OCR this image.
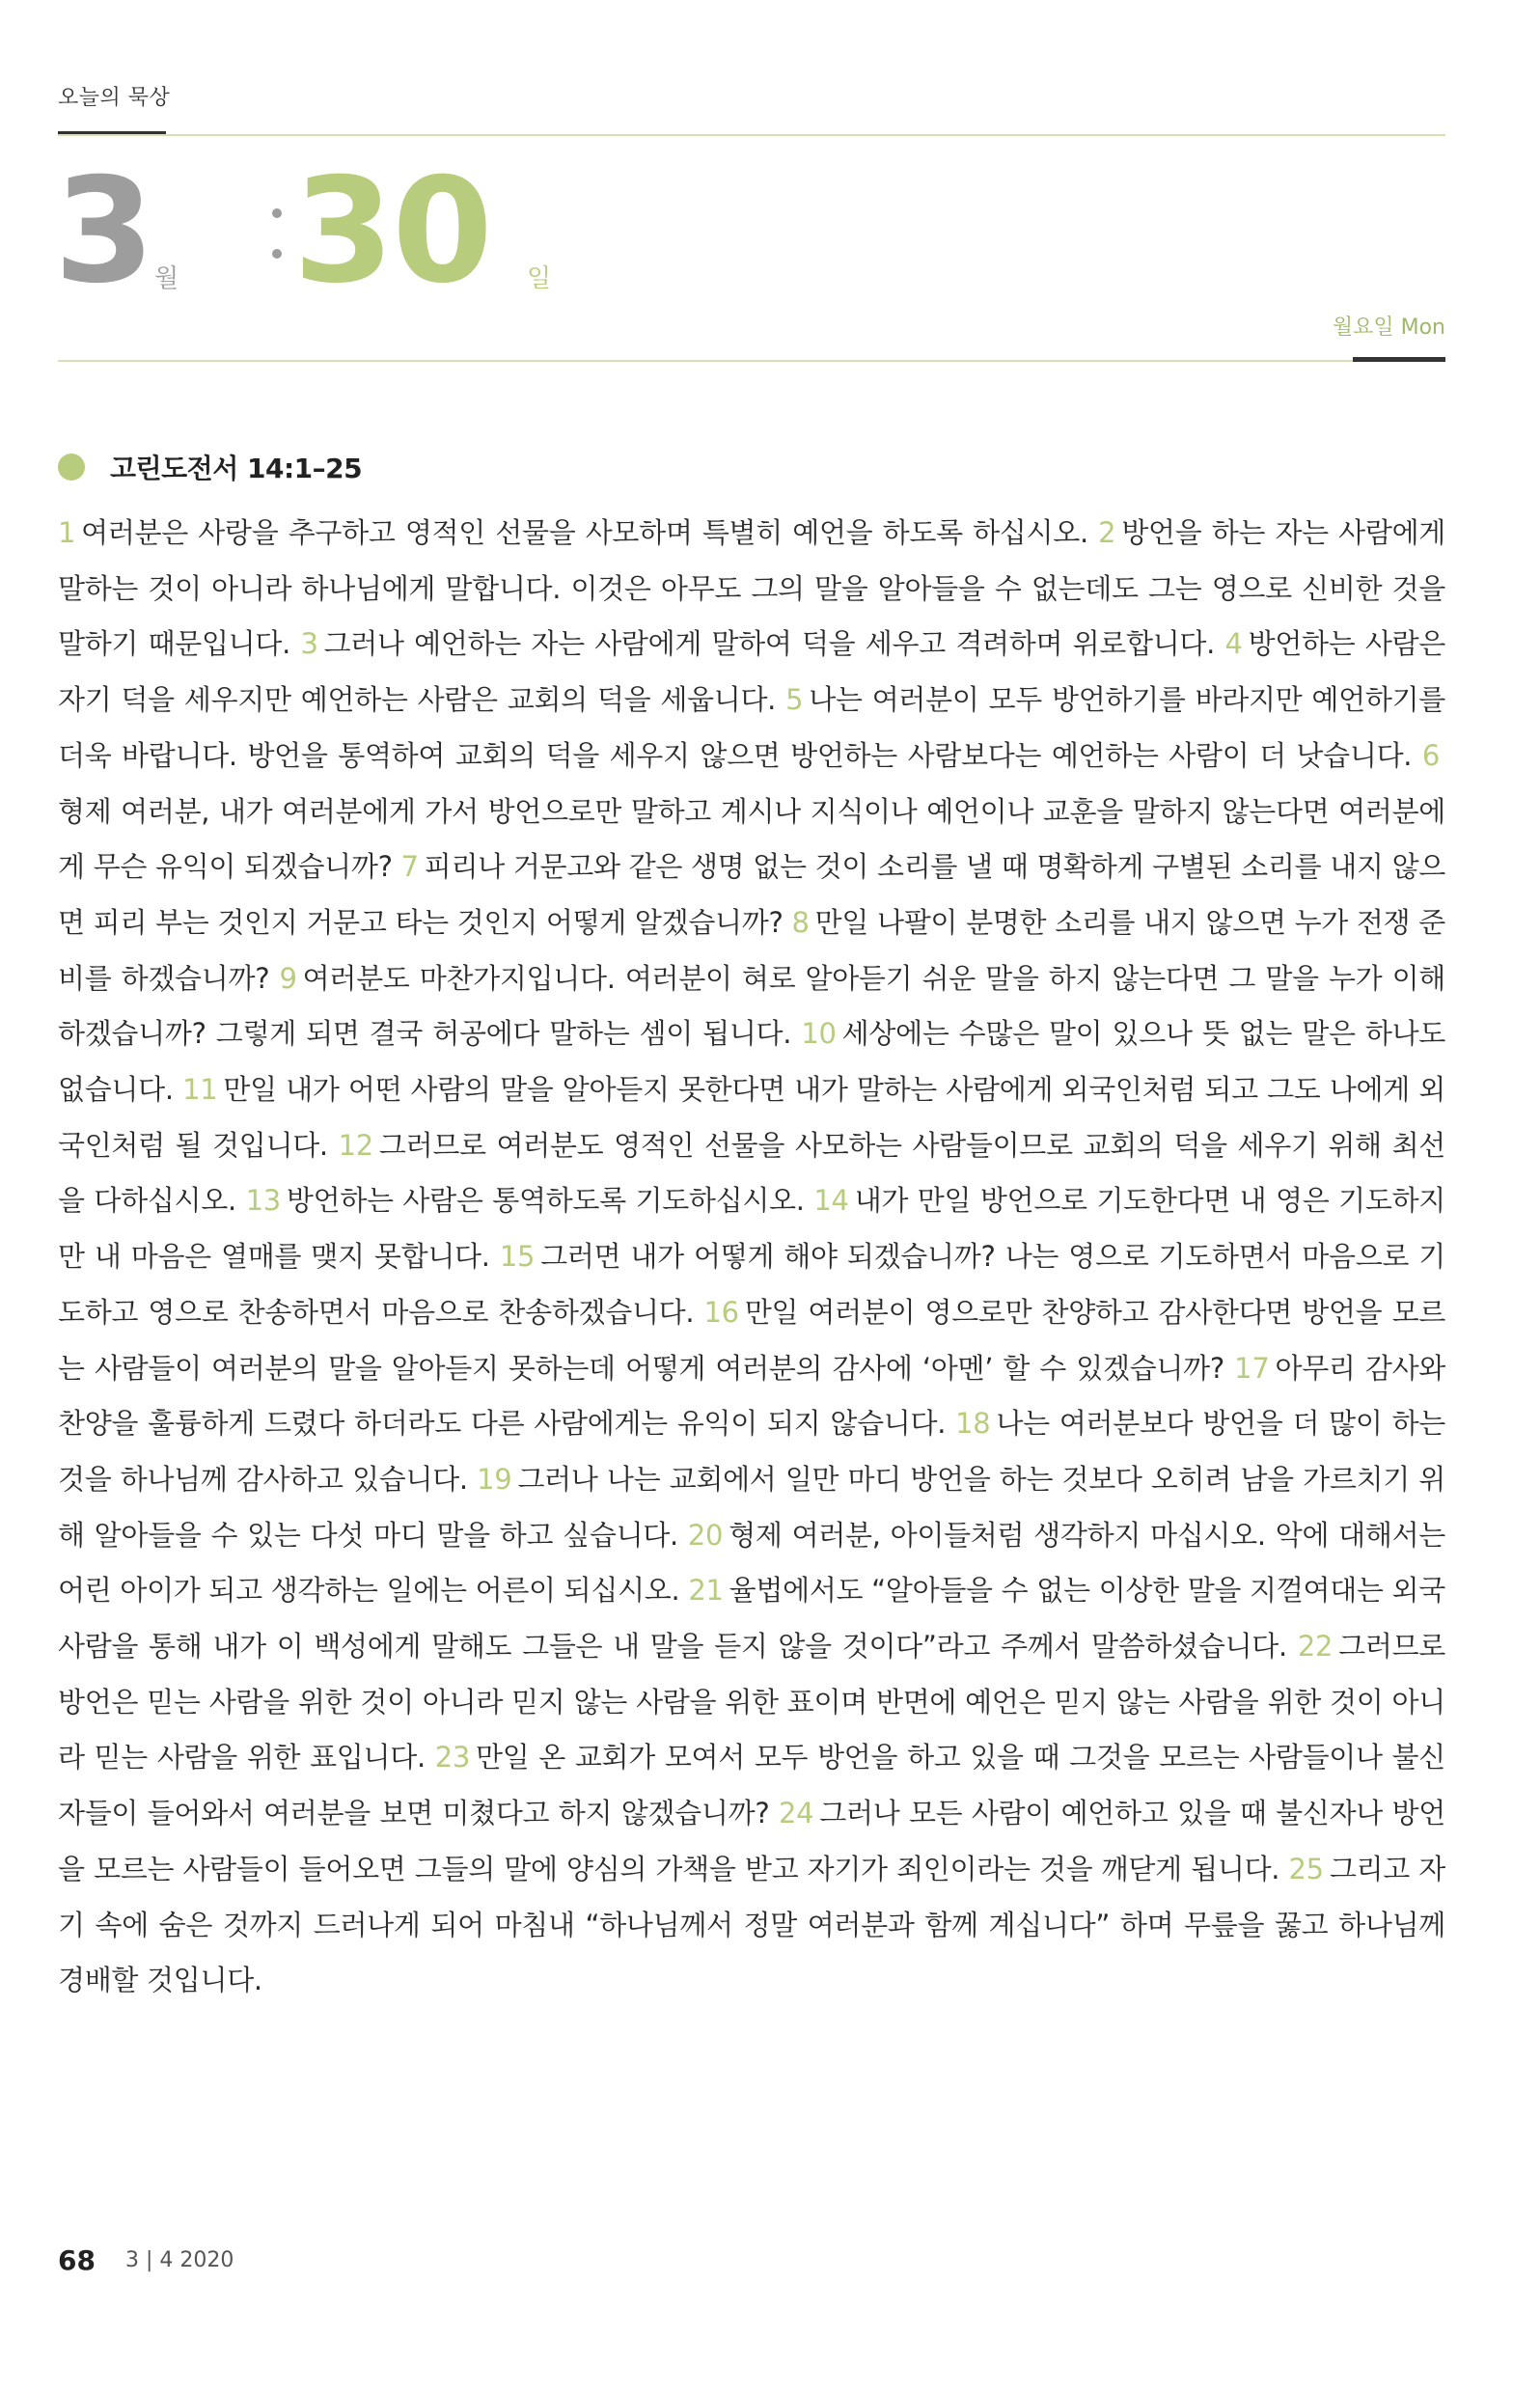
오늘의 묵상
3 월 30 일
월요일 Mon
고린도전서 14:1–25
1 여러분은 사랑을 추구하고 영적인 선물을 사모하며 특별히 예언을 하도록 하십시오. 2 방언을 하는 자는 사람에게 말하는 것이 아니라 하나님에게 말합니다. 이것은 아무도 그의 말을 알아들을 수 없는데도 그는 영으로 신비한 것을 말하기 때문입니다. 3 그러나 예언하는 자는 사람에게 말하여 덕을 세우고 격려하며 위로합니다. 4 방언하는 사람은 자기 덕을 세우지만 예언하는 사람은 교회의 덕을 세웁니다. 5 나는 여러분이 모두 방언하기를 바라지만 예언하기를 더욱 바랍니다. 방언을 통역하여 교회의 덕을 세우지 않으면 방언하는 사람보다는 예언하는 사람이 더 낫습니다. 6형제 여러분, 내가 여러분에게 가서 방언으로만 말하고 계시나 지식이나 예언이나 교훈을 말하지 않는다면 여러분에게 무슨 유익이 되겠습니까? 7 피리나 거문고와 같은 생명 없는 것이 소리를 낼 때 명확하게 구별된 소리를 내지 않으면 피리 부는 것인지 거문고 타는 것인지 어떻게 알겠습니까? 8 만일 나팔이 분명한 소리를 내지 않으면 누가 전쟁 준비를 하겠습니까? 9 여러분도 마찬가지입니다. 여러분이 혀로 알아듣기 쉬운 말을 하지 않는다면 그 말을 누가 이해하겠습니까? 그렇게 되면 결국 허공에다 말하는 셈이 됩니다. 10 세상에는 수많은 말이 있으나 뜻 없는 말은 하나도 없습니다. 11 만일 내가 어떤 사람의 말을 알아듣지 못한다면 내가 말하는 사람에게 외국인처럼 되고 그도 나에게 외국인처럼 될 것입니다. 12 그러므로 여러분도 영적인 선물을 사모하는 사람들이므로 교회의 덕을 세우기 위해 최선을 다하십시오. 13 방언하는 사람은 통역하도록 기도하십시오. 14 내가 만일 방언으로 기도한다면 내 영은 기도하지만 내 마음은 열매를 맺지 못합니다. 15 그러면 내가 어떻게 해야 되겠습니까? 나는 영으로 기도하면서 마음으로 기도하고 영으로 찬송하면서 마음으로 찬송하겠습니다. 16 만일 여러분이 영으로만 찬양하고 감사한다면 방언을 모르는 사람들이 여러분의 말을 알아듣지 못하는데 어떻게 여러분의 감사에 ‘아멘’ 할 수 있겠습니까? 17 아무리 감사와 찬양을 훌륭하게 드렸다 하더라도 다른 사람에게는 유익이 되지 않습니다. 18 나는 여러분보다 방언을 더 많이 하는 것을 하나님께 감사하고 있습니다. 19 그러나 나는 교회에서 일만 마디 방언을 하는 것보다 오히려 남을 가르치기 위해 알아들을 수 있는 다섯 마디 말을 하고 싶습니다. 20 형제 여러분, 아이들처럼 생각하지 마십시오. 악에 대해서는 어린 아이가 되고 생각하는 일에는 어른이 되십시오. 21 율법에서도 “알아들을 수 없는 이상한 말을 지껄여대는 외국 사람을 통해 내가 이 백성에게 말해도 그들은 내 말을 듣지 않을 것이다”라고 주께서 말씀하셨습니다. 22 그러므로 방언은 믿는 사람을 위한 것이 아니라 믿지 않는 사람을 위한 표이며 반면에 예언은 믿지 않는 사람을 위한 것이 아니라 믿는 사람을 위한 표입니다. 23 만일 온 교회가 모여서 모두 방언을 하고 있을 때 그것을 모르는 사람들이나 불신자들이 들어와서 여러분을 보면 미쳤다고 하지 않겠습니까? 24 그러나 모든 사람이 예언하고 있을 때 불신자나 방언을 모르는 사람들이 들어오면 그들의 말에 양심의 가책을 받고 자기가 죄인이라는 것을 깨닫게 됩니다. 25 그리고 자기 속에 숨은 것까지 드러나게 되어 마침내 “하나님께서 정말 여러분과 함께 계십니다” 하며 무릎을 꿇고 하나님께 경배할 것입니다.
68 3 | 4 2020
